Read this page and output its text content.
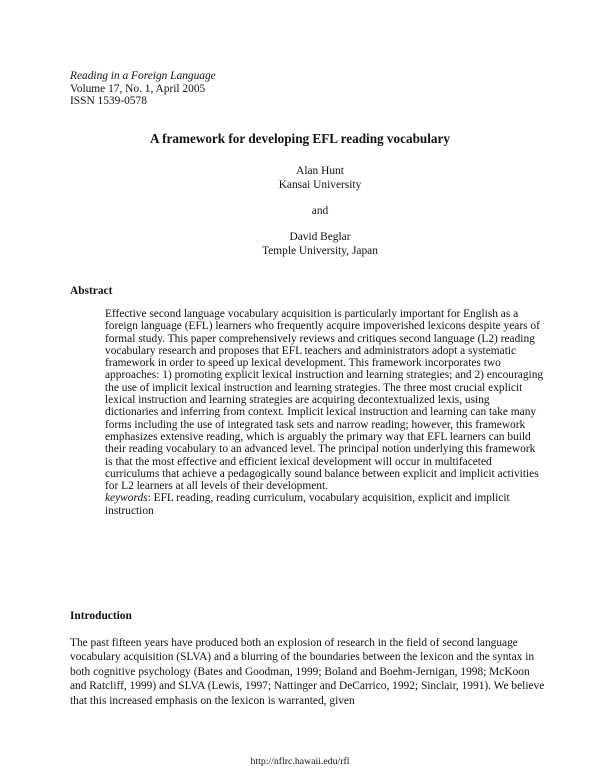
Reading in a Foreign Language
Volume 17, No. 1, April 2005
ISSN 1539-0578
A framework for developing EFL reading vocabulary
Alan Hunt
Kansai University
and
David Beglar
Temple University, Japan
Abstract
Effective second language vocabulary acquisition is particularly important for English as a foreign language (EFL) learners who frequently acquire impoverished lexicons despite years of formal study. This paper comprehensively reviews and critiques second language (L2) reading vocabulary research and proposes that EFL teachers and administrators adopt a systematic framework in order to speed up lexical development. This framework incorporates two approaches: 1) promoting explicit lexical instruction and learning strategies; and 2) encouraging the use of implicit lexical instruction and learning strategies. The three most crucial explicit lexical instruction and learning strategies are acquiring decontextualized lexis, using dictionaries and inferring from context. Implicit lexical instruction and learning can take many forms including the use of integrated task sets and narrow reading; however, this framework emphasizes extensive reading, which is arguably the primary way that EFL learners can build their reading vocabulary to an advanced level. The principal notion underlying this framework is that the most effective and efficient lexical development will occur in multifaceted curriculums that achieve a pedagogically sound balance between explicit and implicit activities for L2 learners at all levels of their development.
keywords: EFL reading, reading curriculum, vocabulary acquisition, explicit and implicit instruction
Introduction
The past fifteen years have produced both an explosion of research in the field of second language vocabulary acquisition (SLVA) and a blurring of the boundaries between the lexicon and the syntax in both cognitive psychology (Bates and Goodman, 1999; Boland and Boehm-Jernigan, 1998; McKoon and Ratcliff, 1999) and SLVA (Lewis, 1997; Nattinger and DeCarrico, 1992; Sinclair, 1991). We believe that this increased emphasis on the lexicon is warranted, given
http://nflrc.hawaii.edu/rfl
